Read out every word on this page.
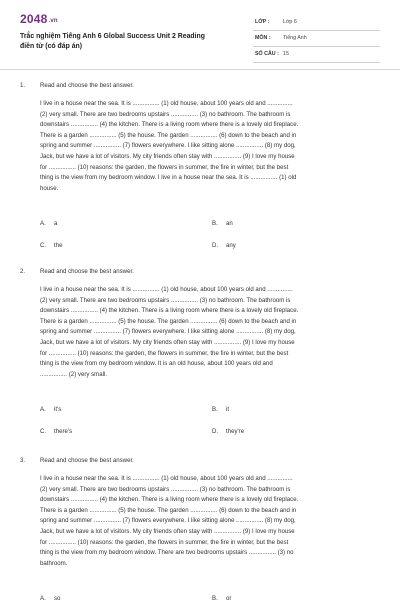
2048.vn
Trắc nghiệm Tiếng Anh 6 Global Success Unit 2 Reading
điền từ (có đáp án)
LỚP :	Lớp 6
MÔN : Tiếng Anh
SỐ CÂU : 15
1. Read and choose the best answer.
I live in a house near the sea. It is ................ (1) old house, about 100 years old and ...............
(2) very small. There are two bedrooms upstairs ................ (3) no bathroom. The bathroom is
downstairs ................ (4) the kitchen. There is a living room where there is a lovely old fireplace.
There is a garden ................ (5) the house. The garden ................ (6) down to the beach and in
spring and summer ................ (7) flowers everywhere. I like sitting alone ................ (8) my dog,
Jack, but we have a lot of visitors. My city friends often stay with ................ (9) I love my house
for ................ (10) reasons: the garden, the flowers in summer, the fire in winter, but the best
thing is the view from my bedroom window. I live in a house near the sea. It is ................ (1) old
house.
A. a	B. an
C. the	D. any
2. Read and choose the best answer.
I live in a house near the sea. It is ................ (1) old house, about 100 years old and ...............
(2) very small. There are two bedrooms upstairs ................ (3) no bathroom. The bathroom is
downstairs ................ (4) the kitchen. There is a living room where there is a lovely old fireplace.
There is a garden ................ (5) the house. The garden ................ (6) down to the beach and in
spring and summer ................ (7) flowers everywhere. I like sitting alone ................ (8) my dog,
Jack, but we have a lot of visitors. My city friends often stay with ................ (9) I love my house
for ................ (10) reasons: the garden, the flowers in summer, the fire in winter, but the best
thing is the view from my bedroom window. It is an old house, about 100 years old and
................ (2) very small.
A. it's	B. it
C. there's	D. they're
3. Read and choose the best answer.
I live in a house near the sea. It is ................ (1) old house, about 100 years old and ...............
(2) very small. There are two bedrooms upstairs ................ (3) no bathroom. The bathroom is
downstairs ................ (4) the kitchen. There is a living room where there is a lovely old fireplace.
There is a garden ................ (5) the house. The garden ................ (6) down to the beach and in
spring and summer ................ (7) flowers everywhere. I like sitting alone ................ (8) my dog,
Jack, but we have a lot of visitors. My city friends often stay with ................ (9) I love my house
for ................ (10) reasons: the garden, the flowers in summer, the fire in winter, but the best
thing is the view from my bedroom window. There are two bedrooms upstairs ................ (3) no
bathroom.
A. so	B. or
